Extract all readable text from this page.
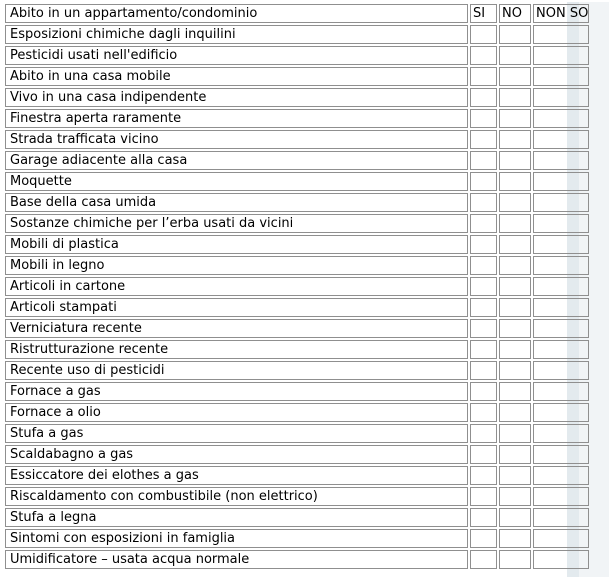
Abito in un appartamento/condominio	SI	NO	NON SO
Esposizioni chimiche dagli inquilini			
Pesticidi usati nell'edificio			
Abito in una casa mobile			
Vivo in una casa indipendente			
Finestra aperta raramente			
Strada trafficata vicino			
Garage adiacente alla casa			
Moquette			
Base della casa umida			
Sostanze chimiche per l’erba usati da vicini			
Mobili di plastica			
Mobili in legno			
Articoli in cartone			
Articoli stampati			
Verniciatura recente			
Ristrutturazione recente			
Recente uso di pesticidi			
Fornace a gas			
Fornace a olio			
Stufa a gas			
Scaldabagno a gas			
Essiccatore dei elothes a gas			
Riscaldamento con combustibile (non elettrico)			
Stufa a legna			
Sintomi con esposizioni in famiglia			
Umidificatore – usata acqua normale			
